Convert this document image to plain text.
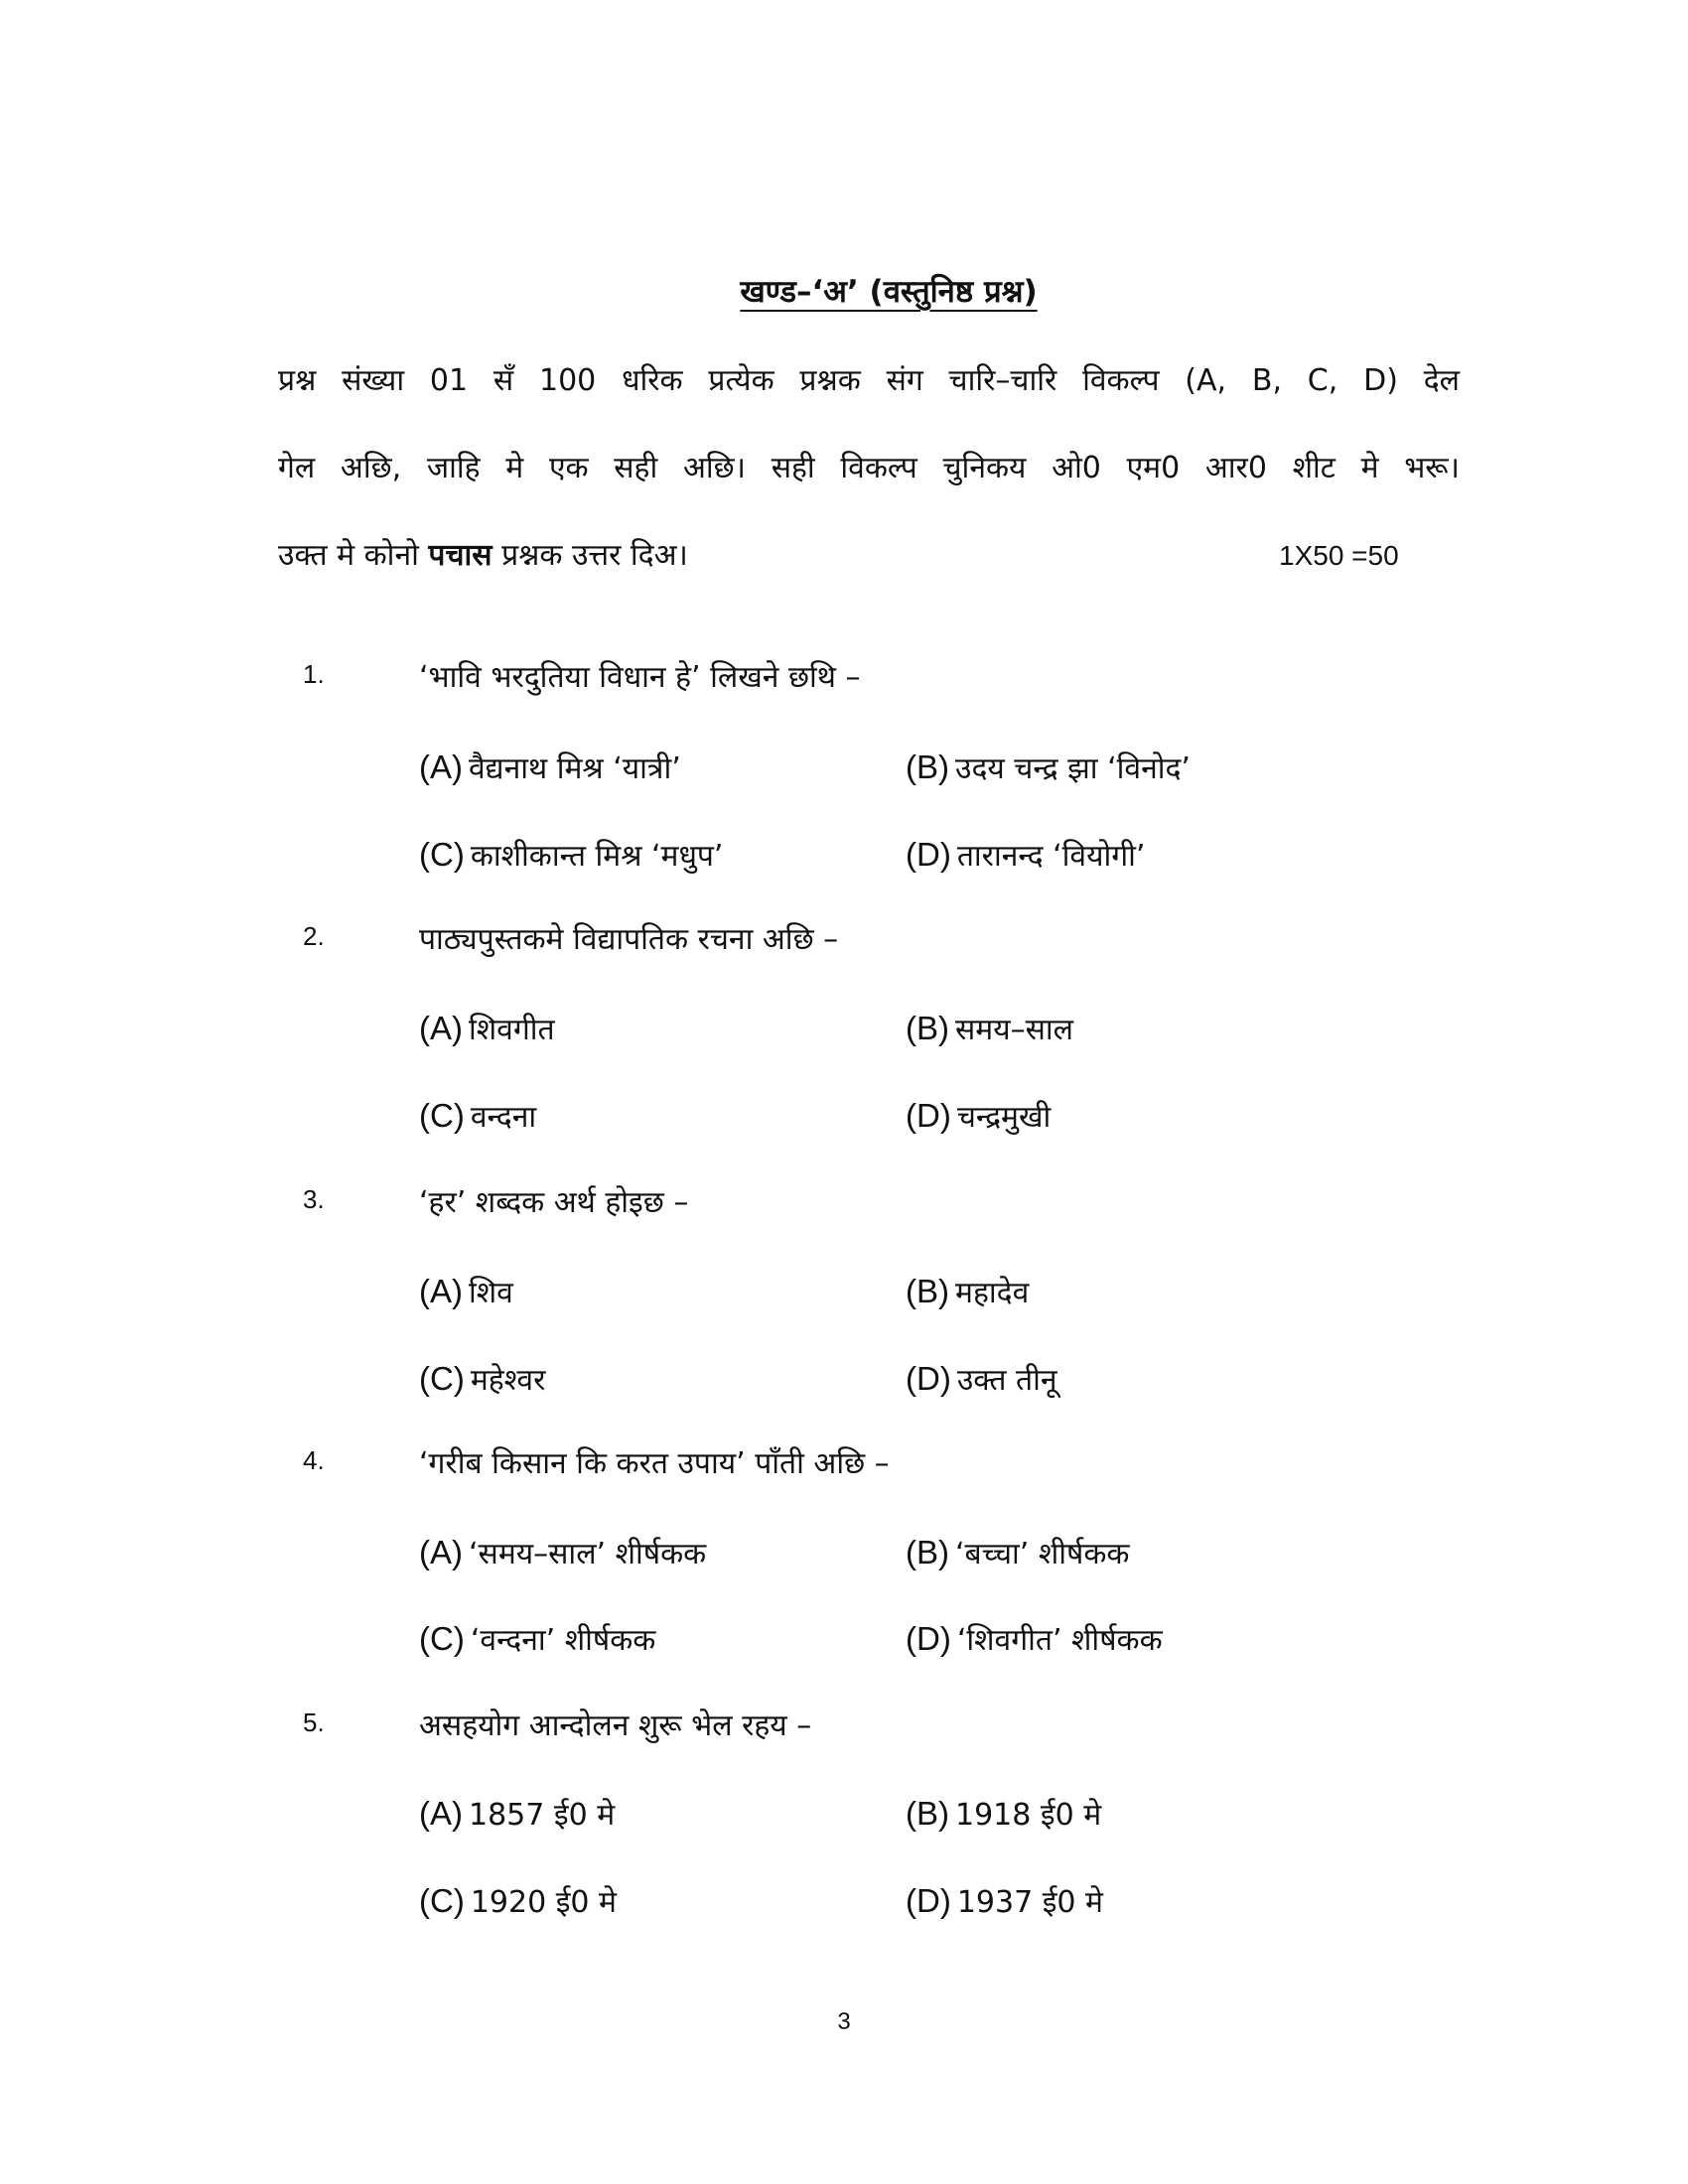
खण्ड–‘अ’ (वस्तुनिष्ठ प्रश्न)
प्रश्न संख्या 01 सँ 100 धरिक प्रत्येक प्रश्नक संग चारि–चारि विकल्प (A, B, C, D) देल
गेल अछि, जाहि मे एक सही अछि। सही विकल्प चुनिकय ओ0 एम0 आर0 शीट मे भरू।
उक्त मे कोनो पचास प्रश्नक उत्तर दिअ।	1X50 =50
1.	‘भावि भरदुतिया विधान हे’ लिखने छथि –
(A) वैद्यनाथ मिश्र ‘यात्री’	(B) उदय चन्द्र झा ‘विनोद’
(C) काशीकान्त मिश्र ‘मधुप’	(D) तारानन्द ‘वियोगी’
2.	पाठ्यपुस्तकमे विद्यापतिक रचना अछि –
(A) शिवगीत	(B) समय–साल
(C) वन्दना	(D) चन्द्रमुखी
3.	‘हर’ शब्दक अर्थ होइछ –
(A) शिव	(B) महादेव
(C) महेश्वर	(D) उक्त तीनू
4.	‘गरीब किसान कि करत उपाय’ पाँती अछि –
(A) ‘समय–साल’ शीर्षकक	(B) ‘बच्चा’ शीर्षकक
(C) ‘वन्दना’ शीर्षकक	(D) ‘शिवगीत’ शीर्षकक
5.	असहयोग आन्दोलन शुरू भेल रहय –
(A) 1857 ई0 मे	(B) 1918 ई0 मे
(C) 1920 ई0 मे	(D) 1937 ई0 मे
3
